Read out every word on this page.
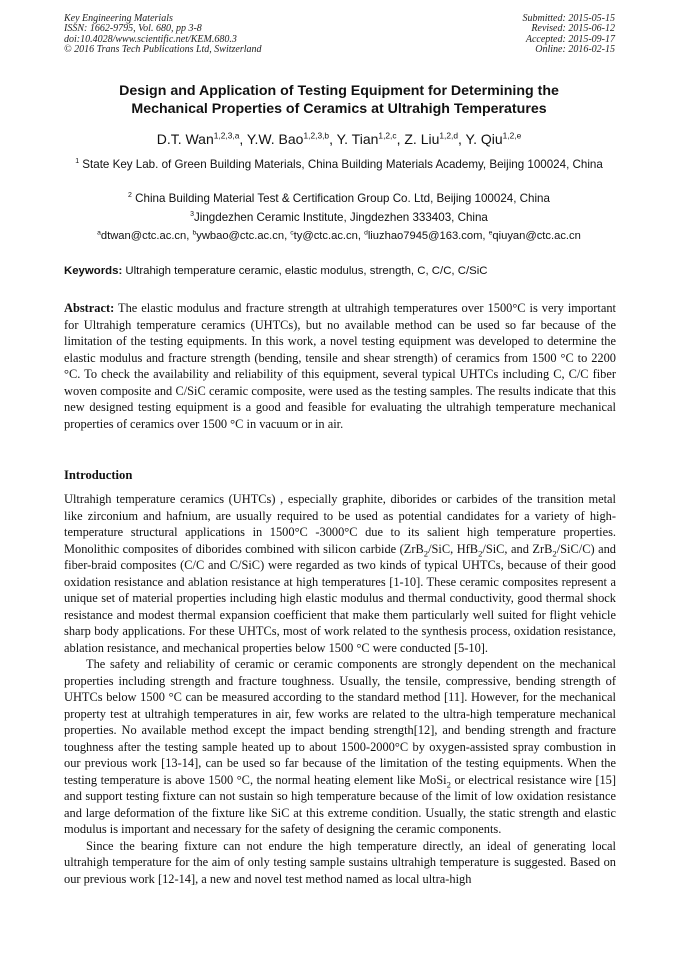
Key Engineering Materials
ISSN: 1662-9795, Vol. 680, pp 3-8
doi:10.4028/www.scientific.net/KEM.680.3
© 2016 Trans Tech Publications Ltd, Switzerland
Submitted: 2015-05-15
Revised: 2015-06-12
Accepted: 2015-09-17
Online: 2016-02-15
Design and Application of Testing Equipment for Determining the
Mechanical Properties of Ceramics at Ultrahigh Temperatures
D.T. Wan$^{1,2,3,a}$, Y.W. Bao$^{1,2,3,b}$, Y. Tian$^{1,2,c}$, Z. Liu$^{1,2,d}$, Y. Qiu$^{1,2,e}$
$^1$ State Key Lab. of Green Building Materials, China Building Materials Academy, Beijing 100024, China
$^2$ China Building Material Test & Certification Group Co. Ltd, Beijing 100024, China
$^3$Jingdezhen Ceramic Institute, Jingdezhen 333403, China
$^a$dtwan@ctc.ac.cn, $^b$ywbao@ctc.ac.cn, $^c$ty@ctc.ac.cn, $^d$liuzhao7945@163.com, $^e$qiuyan@ctc.ac.cn
Keywords: Ultrahigh temperature ceramic, elastic modulus, strength, C, C/C, C/SiC
Abstract: The elastic modulus and fracture strength at ultrahigh temperatures over 1500°C is very important for Ultrahigh temperature ceramics (UHTCs), but no available method can be used so far because of the limitation of the testing equipments. In this work, a novel testing equipment was developed to determine the elastic modulus and fracture strength (bending, tensile and shear strength) of ceramics from 1500 °C to 2200 °C. To check the availability and reliability of this equipment, several typical UHTCs including C, C/C fiber woven composite and C/SiC ceramic composite, were used as the testing samples. The results indicate that this new designed testing equipment is a good and feasible for evaluating the ultrahigh temperature mechanical properties of ceramics over 1500 °C in vacuum or in air.
Introduction

Ultrahigh temperature ceramics (UHTCs) , especially graphite, diborides or carbides of the transition metal like zirconium and hafnium, are usually required to be used as potential candidates for a variety of high-temperature structural applications in 1500°C -3000°C due to its salient high temperature properties. Monolithic composites of diborides combined with silicon carbide (ZrB$_2$/SiC, HfB$_2$/SiC, and ZrB$_2$/SiC/C) and fiber-braid composites (C/C and C/SiC) were regarded as two kinds of typical UHTCs, because of their good oxidation resistance and ablation resistance at high temperatures [1-10]. These ceramic composites represent a unique set of material properties including high elastic modulus and thermal conductivity, good thermal shock resistance and modest thermal expansion coefficient that make them particularly well suited for flight vehicle sharp body applications. For these UHTCs, most of work related to the synthesis process, oxidation resistance, ablation resistance, and mechanical properties below 1500 °C were conducted [5-10].

The safety and reliability of ceramic or ceramic components are strongly dependent on the mechanical properties including strength and fracture toughness. Usually, the tensile, compressive, bending strength of UHTCs below 1500 °C can be measured according to the standard method [11]. However, for the mechanical property test at ultrahigh temperatures in air, few works are related to the ultra-high temperature mechanical properties. No available method except the impact bending strength[12], and bending strength and fracture toughness after the testing sample heated up to about 1500-2000°C by oxygen-assisted spray combustion in our previous work [13-14], can be used so far because of the limitation of the testing equipments. When the testing temperature is above 1500 °C, the normal heating element like MoSi$_2$ or electrical resistance wire [15] and support testing fixture can not sustain so high temperature because of the limit of low oxidation resistance and large deformation of the fixture like SiC at this extreme condition. Usually, the static strength and elastic modulus is important and necessary for the safety of designing the ceramic components.

Since the bearing fixture can not endure the high temperature directly, an ideal of generating local ultrahigh temperature for the aim of only testing sample sustains ultrahigh temperature is suggested. Based on our previous work [12-14], a new and novel test method named as local ultra-high
